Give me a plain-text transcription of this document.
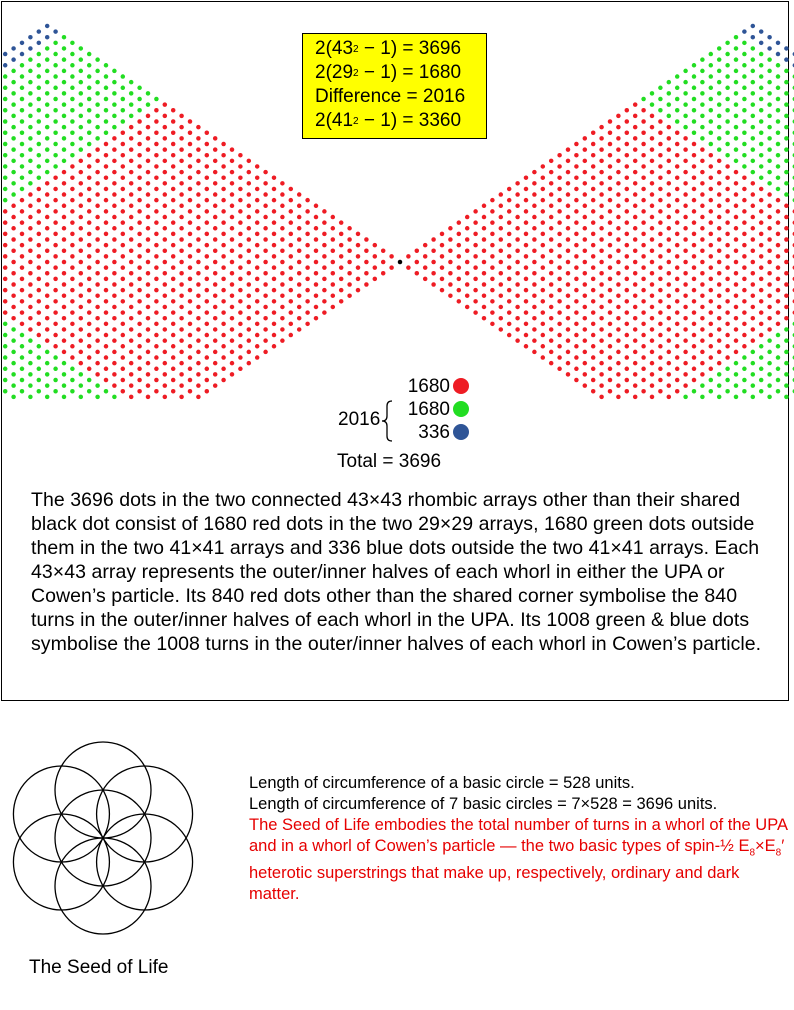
$2(43^2 - 1) = 3696$
$2(29^2 - 1) = 1680$
Difference = 2016
$2(41^2 - 1) = 3360$
1680
1680
336
2016
Total = 3696
The 3696 dots in the two connected 43×43 rhombic arrays other than their shared black dot consist of 1680 red dots in the two 29×29 arrays, 1680 green dots outside them in the two 41×41 arrays and 336 blue dots outside the two 41×41 arrays. Each 43×43 array represents the outer/inner halves of each whorl in either the UPA or Cowen’s particle. Its 840 red dots other than the shared corner symbolise the 840 turns in the outer/inner halves of each whorl in the UPA. Its 1008 green & blue dots symbolise the 1008 turns in the outer/inner halves of each whorl in Cowen’s particle.
The Seed of Life
Length of circumference of a basic circle = 528 units.
Length of circumference of 7 basic circles = 7×528 = 3696 units.
The Seed of Life embodies the total number of turns in a whorl of the UPA and in a whorl of Cowen’s particle — the two basic types of spin-½ $E_8\times E_8'$ heterotic superstrings that make up, respectively, ordinary and dark matter.
